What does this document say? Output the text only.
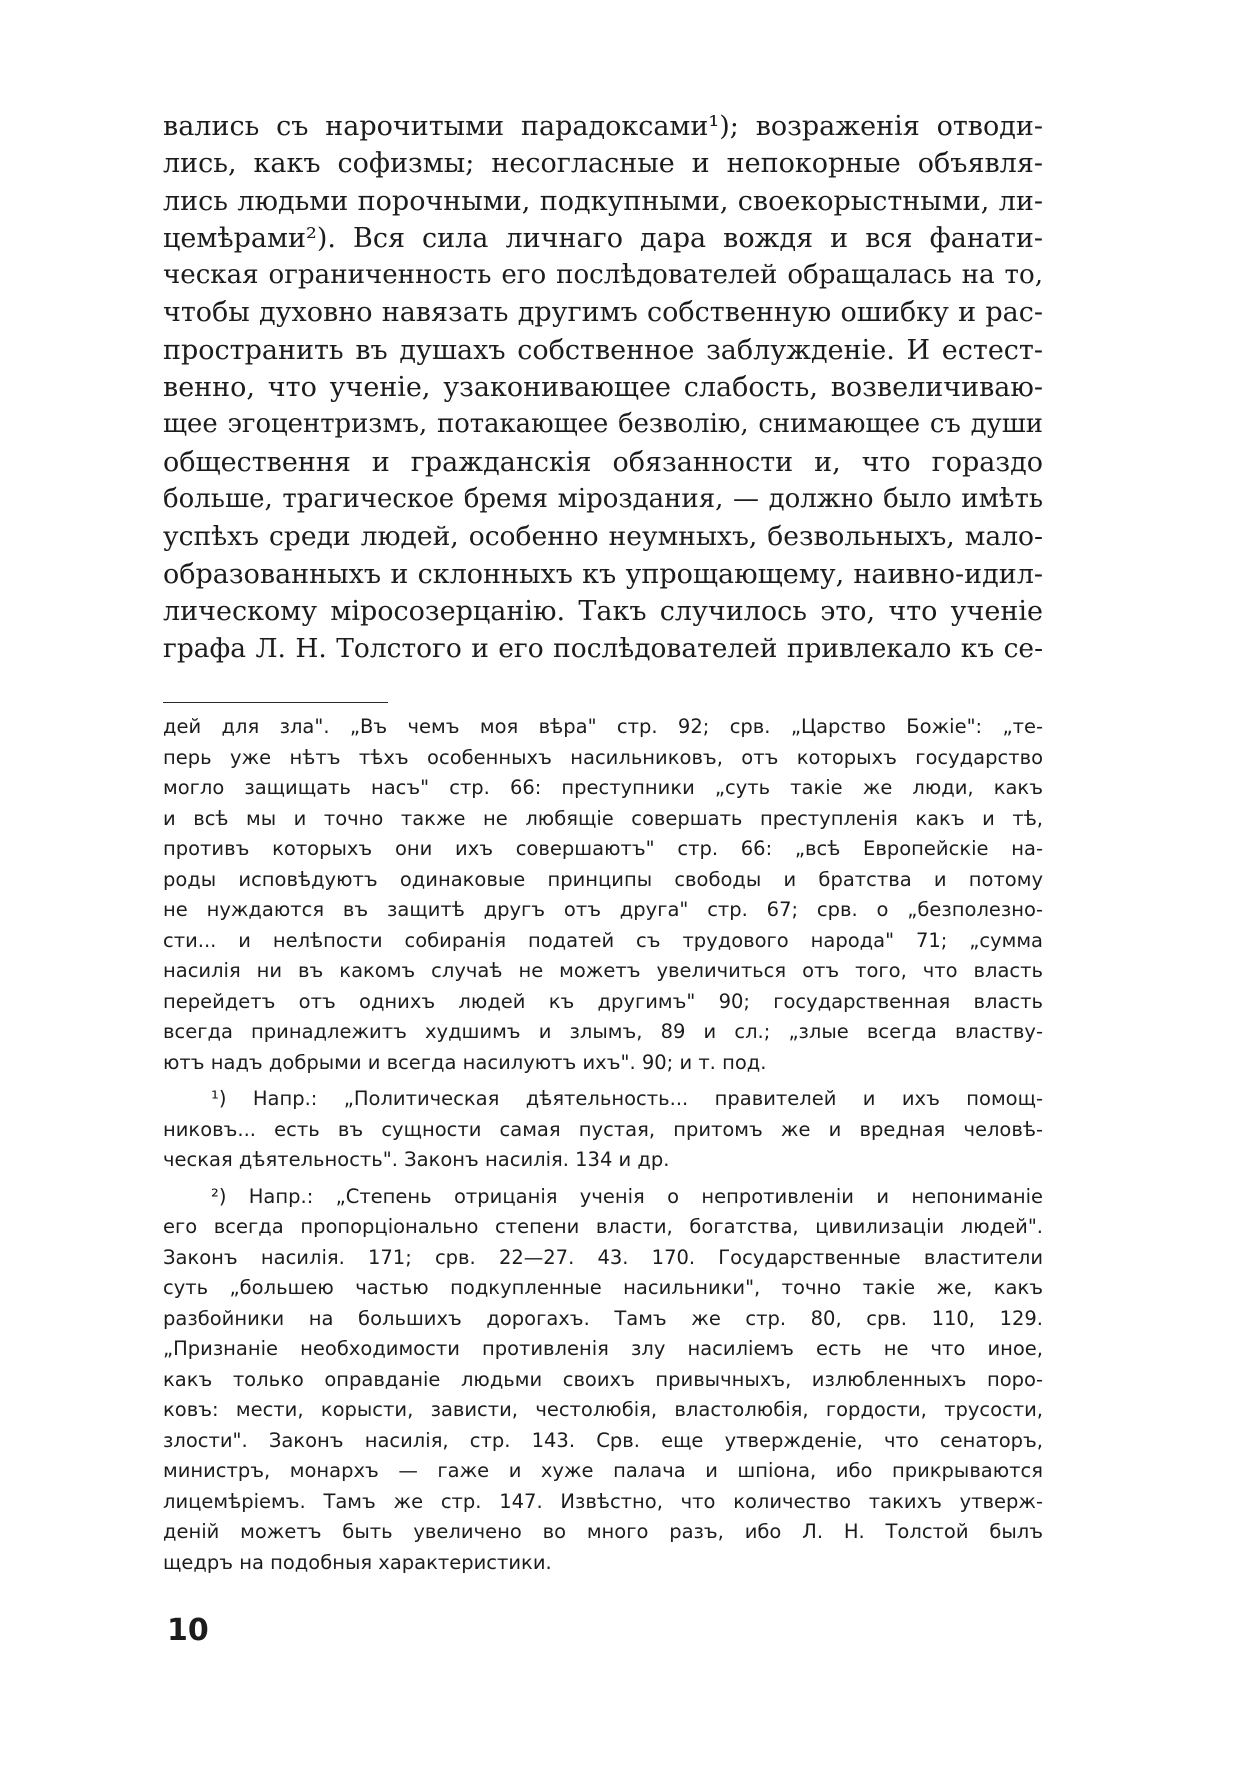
вались съ нарочитыми парадоксами¹); возраженія отводи-
лись, какъ софизмы; несогласные и непокорные объявля-
лись людьми порочными, подкупными, своекорыстными, ли-
цемѣрами²). Вся сила личнаго дара вождя и вся фанати-
ческая ограниченность его послѣдователей обращалась на то,
чтобы духовно навязать другимъ собственную ошибку и рас-
пространить въ душахъ собственное заблужденіе. И естест-
венно, что ученіе, узаконивающее слабость, возвеличиваю-
щее эгоцентризмъ, потакающее безволію, снимающее съ души
обществення и гражданскія обязанности и, что гораздо
больше, трагическое бремя міроздания, — должно было имѣть
успѣхъ среди людей, особенно неумныхъ, безвольныхъ, мало-
образованныхъ и склонныхъ къ упрощающему, наивно-идил-
лическому міросозерцанію. Такъ случилось это, что ученіе
графа Л. Н. Толстого и его послѣдователей привлекало къ се-
дей для зла". „Въ чемъ моя вѣра" стр. 92; срв. „Царство Божіе": „те-
перь уже нѣтъ тѣхъ особенныхъ насильниковъ, отъ которыхъ государство
могло защищать насъ" стр. 66: преступники „суть такіе же люди, какъ
и всѣ мы и точно также не любящіе совершать преступленія какъ и тѣ,
противъ которыхъ они ихъ совершаютъ" стр. 66: „всѣ Европейскіе на-
роды исповѣдуютъ одинаковые принципы свободы и братства и потому
не нуждаются въ защитѣ другъ отъ друга" стр. 67; срв. о „безполезно-
сти... и нелѣпости собиранія податей съ трудового народа" 71; „сумма
насилія ни въ какомъ случаѣ не можетъ увеличиться отъ того, что власть
перейдетъ отъ однихъ людей къ другимъ" 90; государственная власть
всегда принадлежитъ худшимъ и злымъ, 89 и сл.; „злые всегда властву-
ютъ надъ добрыми и всегда насилуютъ ихъ". 90; и т. под.
¹) Напр.: „Политическая дѣятельность... правителей и ихъ помощ-
никовъ... есть въ сущности самая пустая, притомъ же и вредная человѣ-
ческая дѣятельность". Законъ насилія. 134 и др.
²) Напр.: „Степень отрицанія ученія о непротивленіи и непониманіе
его всегда пропорціонально степени власти, богатства, цивилизаціи людей".
Законъ насилія. 171; срв. 22—27. 43. 170. Государственные властители
суть „большею частью подкупленные насильники", точно такіе же, какъ
разбойники на большихъ дорогахъ. Тамъ же стр. 80, срв. 110, 129.
„Признаніе необходимости противленія злу насиліемъ есть не что иное,
какъ только оправданіе людьми своихъ привычныхъ, излюбленныхъ поро-
ковъ: мести, корысти, зависти, честолюбія, властолюбія, гордости, трусости,
злости". Законъ насилія, стр. 143. Срв. еще утвержденіе, что сенаторъ,
министръ, монархъ — гаже и хуже палача и шпіона, ибо прикрываются
лицемѣріемъ. Тамъ же стр. 147. Извѣстно, что количество такихъ утверж-
деній можетъ быть увеличено во много разъ, ибо Л. Н. Толстой былъ
щедръ на подобныя характеристики.
10
